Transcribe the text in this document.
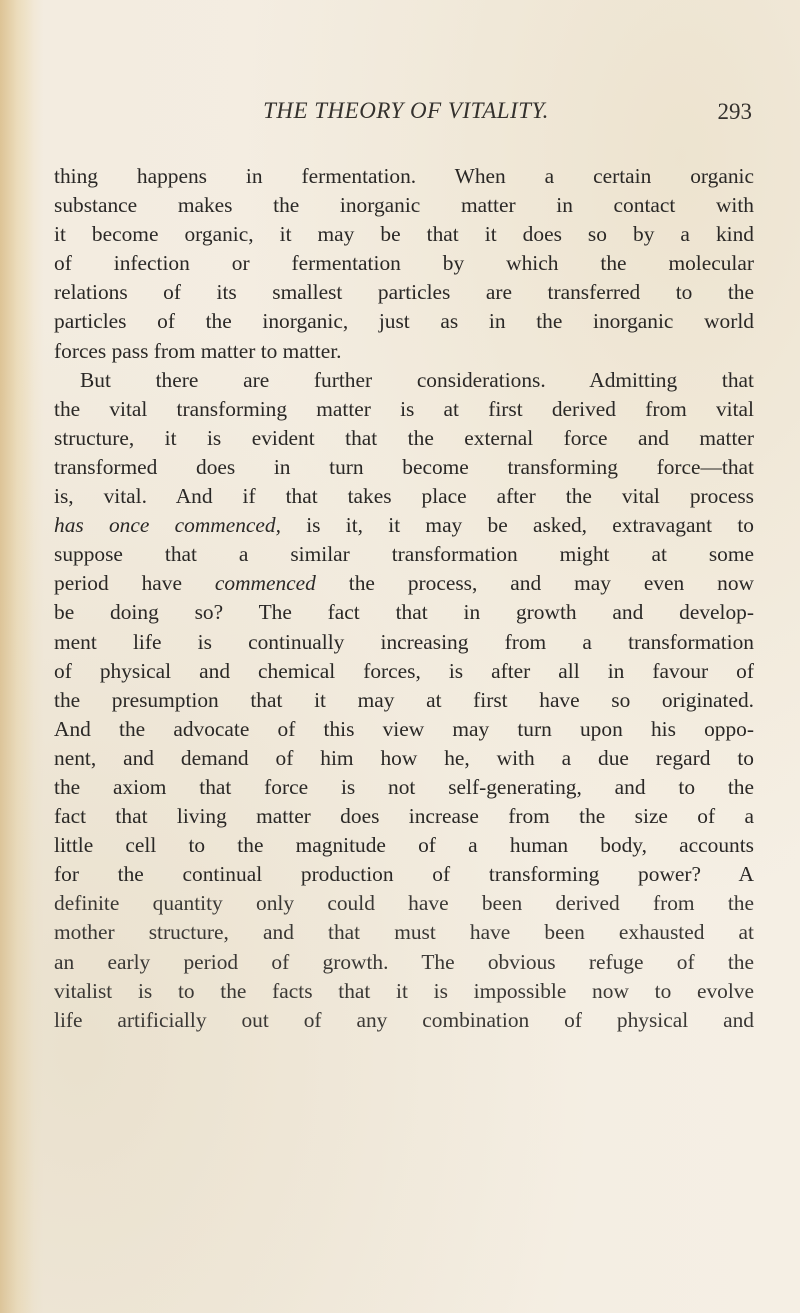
THE THEORY OF VITALITY.	293
thing happens in fermentation. When a certain organic
substance makes the inorganic matter in contact with
it become organic, it may be that it does so by a kind
of infection or fermentation by which the molecular
relations of its smallest particles are transferred to the
particles of the inorganic, just as in the inorganic world
forces pass from matter to matter.
But there are further considerations. Admitting that
the vital transforming matter is at first derived from vital
structure, it is evident that the external force and matter
transformed does in turn become transforming force—that
is, vital. And if that takes place after the vital process
has once commenced, is it, it may be asked, extravagant to
suppose that a similar transformation might at some
period have commenced the process, and may even now
be doing so? The fact that in growth and develop-
ment life is continually increasing from a transformation
of physical and chemical forces, is after all in favour of
the presumption that it may at first have so originated.
And the advocate of this view may turn upon his oppo-
nent, and demand of him how he, with a due regard to
the axiom that force is not self-generating, and to the
fact that living matter does increase from the size of a
little cell to the magnitude of a human body, accounts
for the continual production of transforming power? A
definite quantity only could have been derived from the
mother structure, and that must have been exhausted at
an early period of growth. The obvious refuge of the
vitalist is to the facts that it is impossible now to evolve
life artificially out of any combination of physical and
